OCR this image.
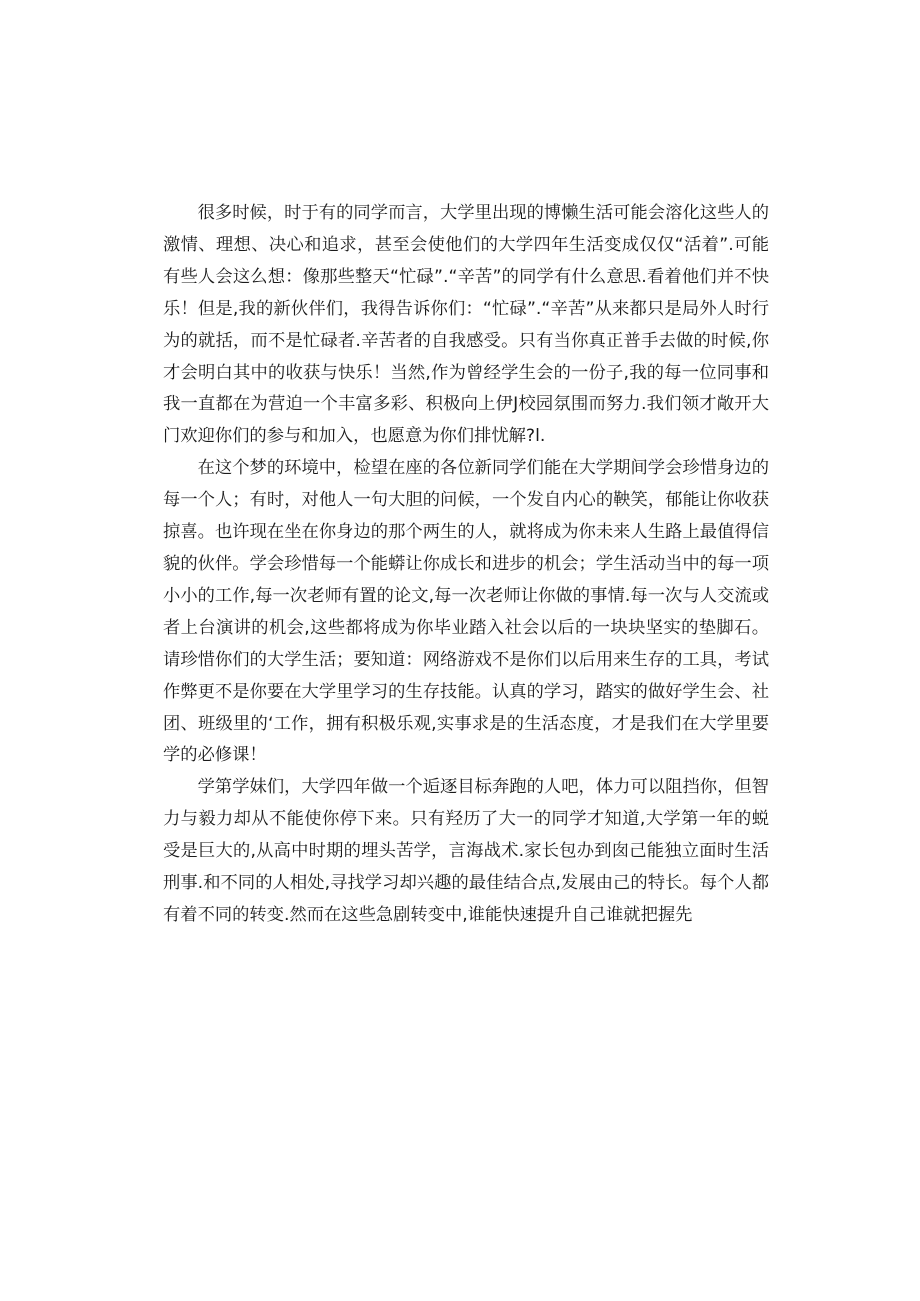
很多时候，时于有的同学而言，大学里出现的博懒生活可能会溶化这些人的激情、理想、决心和追求，甚至会使他们的大学四年生活变成仅仅“活着”.可能有些人会这么想：像那些整天“忙碌”.“辛苦”的同学有什么意思.看着他们并不快乐！但是,我的新伙伴们，我得告诉你们：“忙碌”.“辛苦”从来都只是局外人时行为的就括，而不是忙碌者.辛苦者的自我感受。只有当你真正普手去做的时候,你才会明白其中的收获与快乐！当然,作为曾经学生会的一份子,我的每一位同事和我一直都在为营迫一个丰富多彩、积极向上伊J校园氛围而努力.我们领才敞开大门欢迎你们的参与和加入，也愿意为你们排忧解?l.

在这个梦的环境中，检望在座的各位新同学们能在大学期间学会珍惜身边的每一个人；有时，对他人一句大胆的问候，一个发自内心的鞅笑，郁能让你收获掠喜。也许现在坐在你身边的那个两生的人，就将成为你未来人生路上最值得信貌的伙伴。学会珍惜每一个能蟒让你成长和进步的机会；学生活动当中的每一项小小的工作,每一次老师有置的论文,每一次老师让你做的事情.每一次与人交流或者上台演讲的机会,这些都将成为你毕业踏入社会以后的一块块坚实的垫脚石。请珍惜你们的大学生活；要知道：网络游戏不是你们以后用来生存的工具，考试作弊更不是你要在大学里学习的生存技能。认真的学习，踏实的做好学生会、社团、班级里的‘工作，拥有积极乐观,实事求是的生活态度，才是我们在大学里要学的必修课！

学第学妹们，大学四年做一个逅逐目标奔跑的人吧，体力可以阻挡你，但智力与毅力却从不能使你停下来。只有羟历了大一的同学才知道,大学第一年的蜕受是巨大的,从高中时期的埋头苦学，言海战术.家长包办到囱己能独立面时生活刑事.和不同的人相处,寻找学习却兴趣的最佳结合点,发展由己的特长。每个人都有着不同的转变.然而在这些急剧转变中,谁能快速提升自己谁就把握先
